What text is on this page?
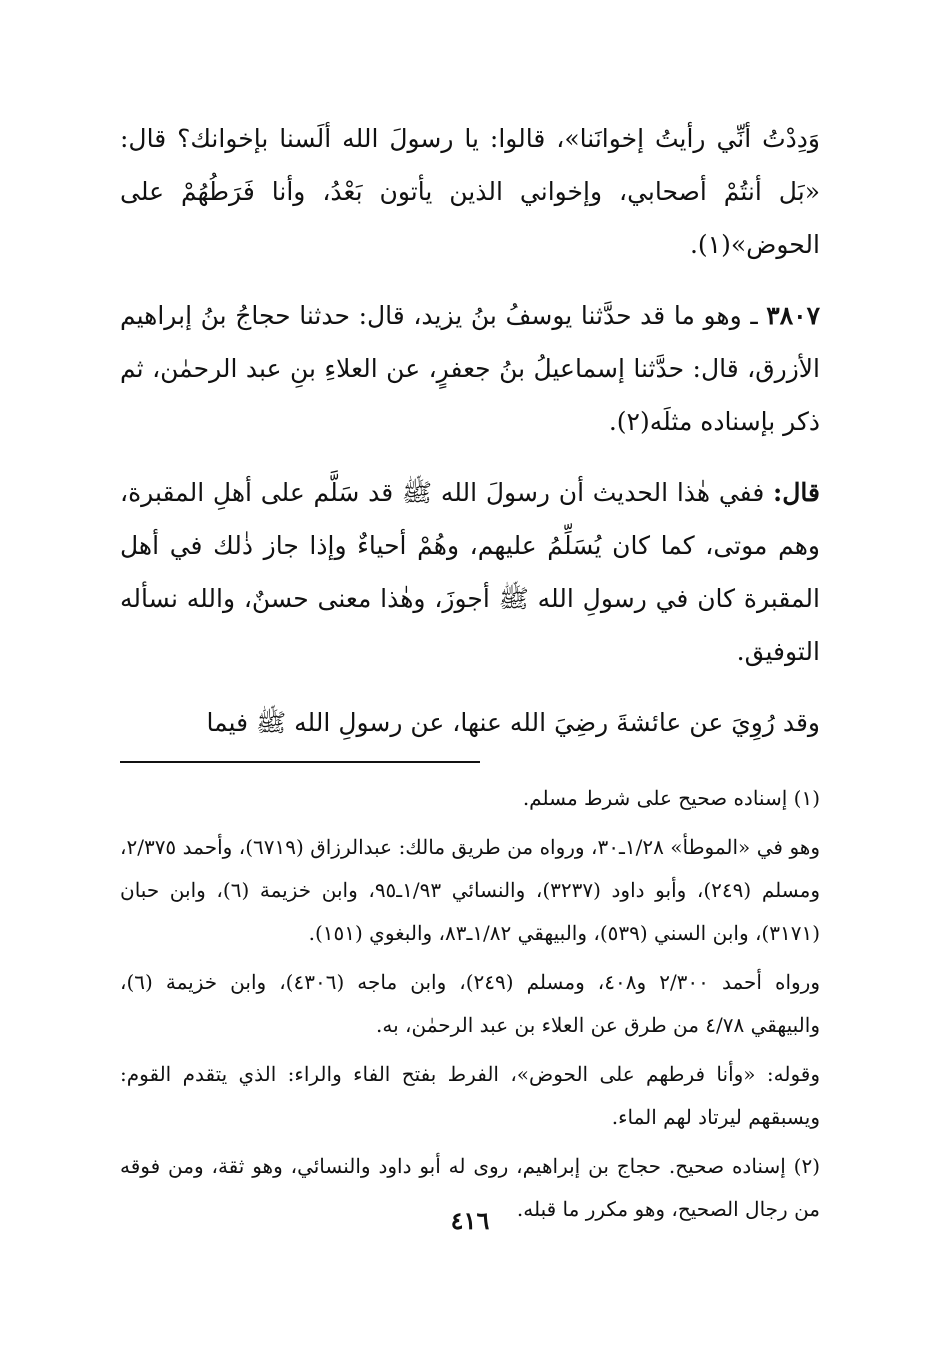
وَدِدْتُ أنِّي رأيتُ إخوانَنا»، قالوا: يا رسولَ الله ألَسنا بإخوانك؟ قال: «بَل أنتُمْ أصحابي، وإخواني الذين يأتون بَعْدُ، وأنا فَرَطُهُمْ على الحوض»(١).

٣٨٠٧ ـ وهو ما قد حدَّثنا يوسفُ بنُ يزيد، قال: حدثنا حجاجُ بنُ إبراهيم الأزرق، قال: حدَّثنا إسماعيلُ بنُ جعفرٍ، عن العلاءِ بنِ عبد الرحمٰن، ثم ذكر بإسناده مثلَه(٢).

قال: ففي هٰذا الحديث أن رسولَ الله ﷺ قد سَلَّم على أهلِ المقبرة، وهم موتى، كما كان يُسَلِّمُ عليهم، وهُمْ أحياءٌ وإذا جاز ذٰلك في أهل المقبرة كان في رسولِ الله ﷺ أجوزَ، وهٰذا معنى حسنٌ، والله نسأله التوفيق.

وقد رُوِيَ عن عائشةَ رضِيَ الله عنها، عن رسولِ الله ﷺ فيما

(١) إسناده صحيح على شرط مسلم.

وهو في «الموطأ» ١/٢٨ـ٣٠، ورواه من طريق مالك: عبدالرزاق (٦٧١٩)، وأحمد ٢/٣٧٥، ومسلم (٢٤٩)، وأبو داود (٣٢٣٧)، والنسائي ١/٩٣ـ٩٥، وابن خزيمة (٦)، وابن حبان (٣١٧١)، وابن السني (٥٣٩)، والبيهقي ١/٨٢ـ٨٣، والبغوي (١٥١).

ورواه أحمد ٢/٣٠٠ و٤٠٨، ومسلم (٢٤٩)، وابن ماجه (٤٣٠٦)، وابن خزيمة (٦)، والبيهقي ٤/٧٨ من طرق عن العلاء بن عبد الرحمٰن، به.

وقوله: «وأنا فرطهم على الحوض»، الفرط بفتح الفاء والراء: الذي يتقدم القوم: ويسبقهم ليرتاد لهم الماء.

(٢) إسناده صحيح. حجاج بن إبراهيم، روى له أبو داود والنسائي، وهو ثقة، ومن فوقه من رجال الصحيح، وهو مكرر ما قبله.

٤١٦
